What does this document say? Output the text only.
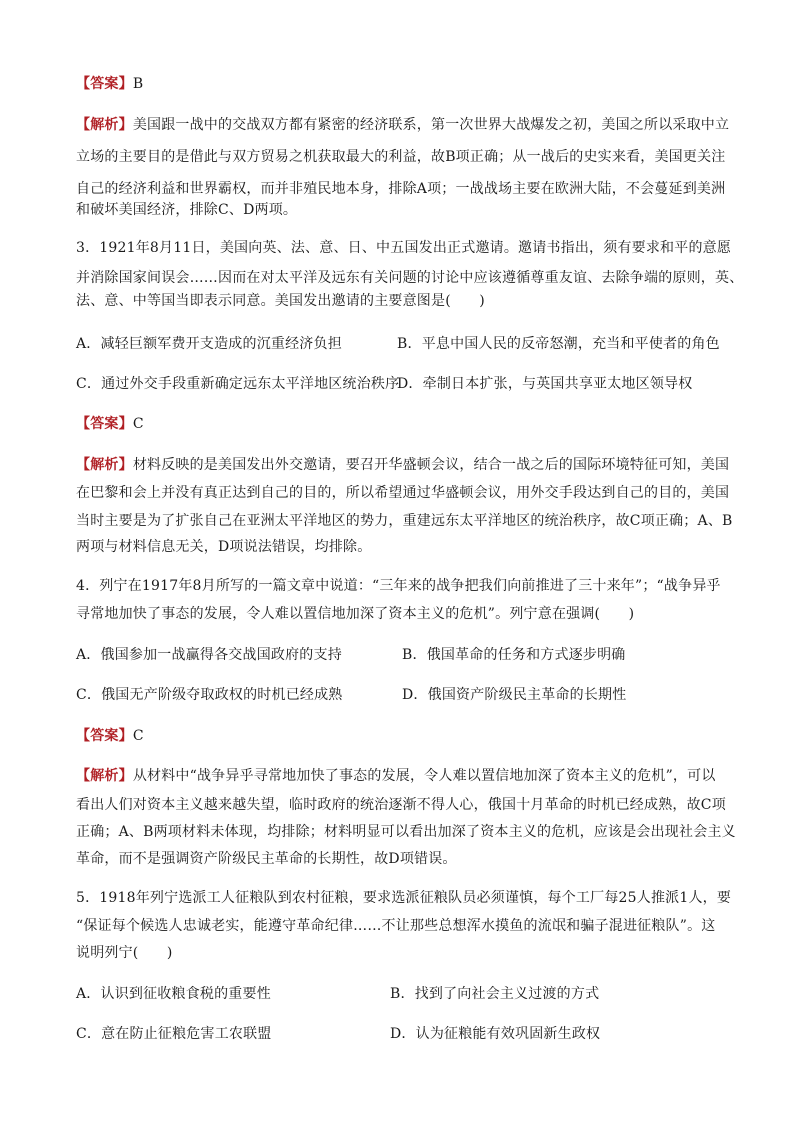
【答案】B
【解析】美国跟一战中的交战双方都有紧密的经济联系，第一次世界大战爆发之初，美国之所以采取中立
立场的主要目的是借此与双方贸易之机获取最大的利益，故B项正确；从一战后的史实来看，美国更关注
自己的经济利益和世界霸权，而并非殖民地本身，排除A项；一战战场主要在欧洲大陆，不会蔓延到美洲
和破坏美国经济，排除C、D两项。
3．1921年8月11日，美国向英、法、意、日、中五国发出正式邀请。邀请书指出，须有要求和平的意愿
并消除国家间误会……因而在对太平洋及远东有关问题的讨论中应该遵循尊重友谊、去除争端的原则，英、
法、意、中等国当即表示同意。美国发出邀请的主要意图是(　　)
A．减轻巨额军费开支造成的沉重经济负担	B．平息中国人民的反帝怒潮，充当和平使者的角色
C．通过外交手段重新确定远东太平洋地区统治秩序
D．牵制日本扩张，与英国共享亚太地区领导权
【答案】C
【解析】材料反映的是美国发出外交邀请，要召开华盛顿会议，结合一战之后的国际环境特征可知，美国
在巴黎和会上并没有真正达到自己的目的，所以希望通过华盛顿会议，用外交手段达到自己的目的，美国
当时主要是为了扩张自己在亚洲太平洋地区的势力，重建远东太平洋地区的统治秩序，故C项正确；A、B
两项与材料信息无关，D项说法错误，均排除。
4．列宁在1917年8月所写的一篇文章中说道：“三年来的战争把我们向前推进了三十来年”；“战争异乎
寻常地加快了事态的发展，令人难以置信地加深了资本主义的危机”。列宁意在强调(　　)
A．俄国参加一战赢得各交战国政府的支持	B．俄国革命的任务和方式逐步明确
C．俄国无产阶级夺取政权的时机已经成熟	D．俄国资产阶级民主革命的长期性
【答案】C
【解析】从材料中“战争异乎寻常地加快了事态的发展，令人难以置信地加深了资本主义的危机”，可以
看出人们对资本主义越来越失望，临时政府的统治逐渐不得人心，俄国十月革命的时机已经成熟，故C项
正确；A、B两项材料未体现，均排除；材料明显可以看出加深了资本主义的危机，应该是会出现社会主义
革命，而不是强调资产阶级民主革命的长期性，故D项错误。
5．1918年列宁选派工人征粮队到农村征粮，要求选派征粮队员必须谨慎，每个工厂每25人推派1人，要
“保证每个候选人忠诚老实，能遵守革命纪律……不让那些总想浑水摸鱼的流氓和骗子混进征粮队”。这
说明列宁(　　)
A．认识到征收粮食税的重要性	B．找到了向社会主义过渡的方式
C．意在防止征粮危害工农联盟	D．认为征粮能有效巩固新生政权
